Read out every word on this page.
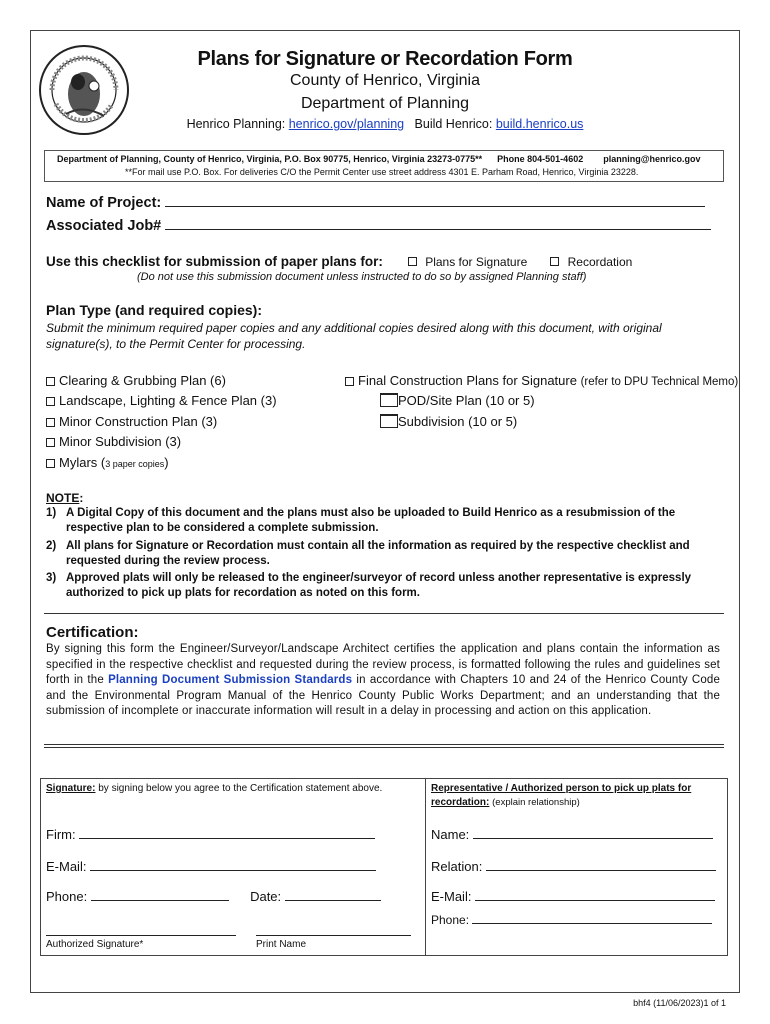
Plans for Signature or Recordation Form
County of Henrico, Virginia
Department of Planning
Henrico Planning: henrico.gov/planning Build Henrico: build.henrico.us
Department of Planning, County of Henrico, Virginia, P.O. Box 90775, Henrico, Virginia 23273-0775** Phone 804-501-4602 planning@henrico.gov
**For mail use P.O. Box. For deliveries C/O the Permit Center use street address 4301 E. Parham Road, Henrico, Virginia 23228.
Name of Project:
Associated Job#
Use this checklist for submission of paper plans for:	Plans for Signature	Recordation
(Do not use this submission document unless instructed to do so by assigned Planning staff)
Plan Type (and required copies):
Submit the minimum required paper copies and any additional copies desired along with this document, with original signature(s), to the Permit Center for processing.
Clearing & Grubbing Plan (6)
Landscape, Lighting & Fence Plan (3)
Minor Construction Plan (3)
Minor Subdivision (3)
Mylars (3 paper copies)
Final Construction Plans for Signature (refer to DPU Technical Memo)
POD/Site Plan (10 or 5)
Subdivision (10 or 5)
NOTE:
1) A Digital Copy of this document and the plans must also be uploaded to Build Henrico as a resubmission of the respective plan to be considered a complete submission.
2) All plans for Signature or Recordation must contain all the information as required by the respective checklist and requested during the review process.
3) Approved plats will only be released to the engineer/surveyor of record unless another representative is expressly authorized to pick up plats for recordation as noted on this form.
Certification:
By signing this form the Engineer/Surveyor/Landscape Architect certifies the application and plans contain the information as specified in the respective checklist and requested during the review process, is formatted following the rules and guidelines set forth in the Planning Document Submission Standards in accordance with Chapters 10 and 24 of the Henrico County Code and the Environmental Program Manual of the Henrico County Public Works Department; and an understanding that the submission of incomplete or inaccurate information will result in a delay in processing and action on this application.
Signature: by signing below you agree to the Certification statement above.	Representative / Authorized person to pick up plats for recordation: (explain relationship)
Firm:
E-Mail:
Phone:	Date:
Authorized Signature*	Print Name
Name:
Relation:
E-Mail:
Phone:
bhf4 (11/06/2023)1 of 1
